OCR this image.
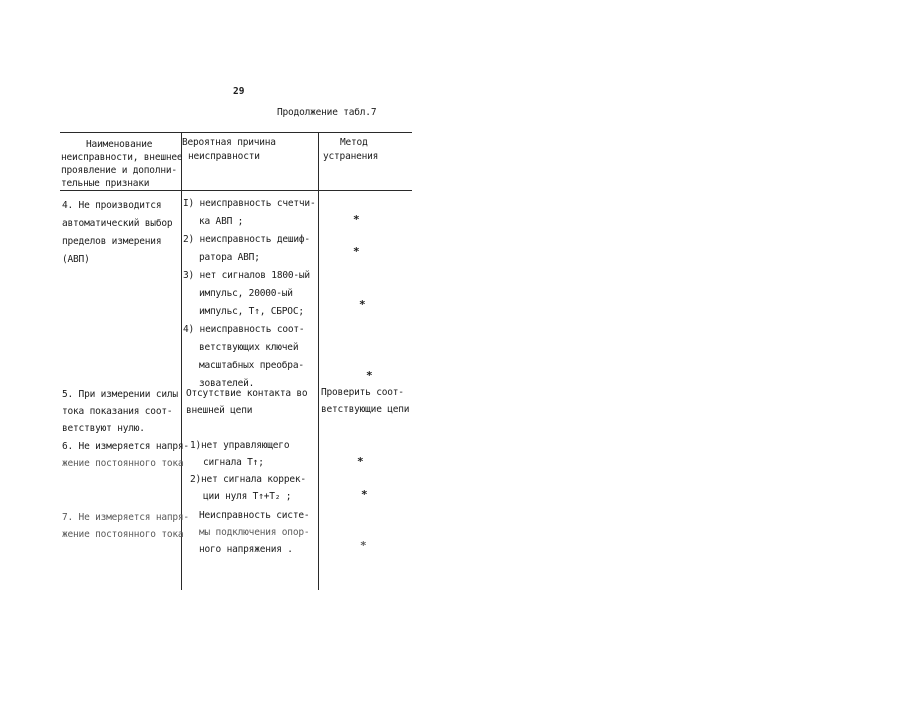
29
Продолжение табл.7
Наименование
неисправности, внешнее
проявление и дополни-
тельные признаки
Вероятная причина
неисправности
Метод
устранения
4. Не производится
автоматический выбор
пределов измерения
(АВП)
I) неисправность счетчи-
ка АВП ;
2) неисправность дешиф-
ратора АВП;
3) нет сигналов 1800-ый
импульс, 20000-ый
импульс, Т↑, СБРОС;
4) неисправность соот-
ветствующих ключей
масштабных преобра-
зователей.
*
*
*
*
5. При измерении силы
тока показания соот-
ветствуют нулю.
Отсутствие контакта во
внешней цепи
Проверить соот-
ветствующие цепи
6. Не измеряется напря-
жение постоянного тока
1)нет управляющего
сигнала Т↑;
2)нет сигнала коррек-
ции нуля Т↑+Т₂ ;
*
*
7. Не измеряется напря-
жение постоянного тока
Неисправность систе-
мы подключения опор-
ного напряжения .	*
